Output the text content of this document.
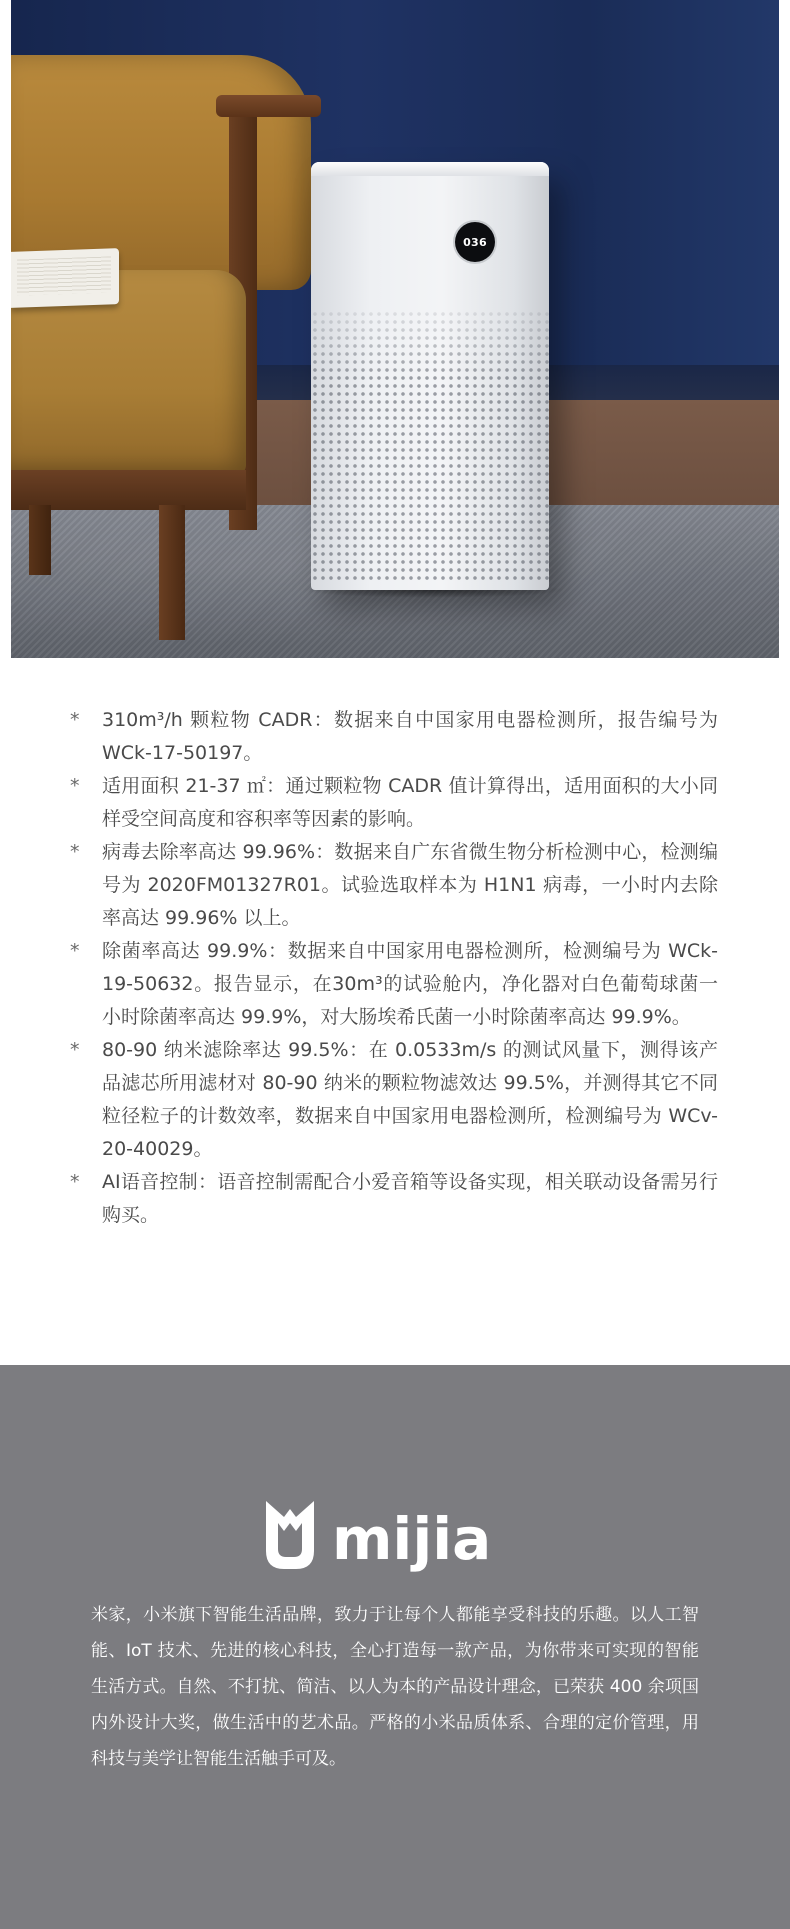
036
* 310m³/h 颗粒物 CADR：数据来自中国家用电器检测所，报告编号为 WCk-17-50197。
* 适用面积 21-37 ㎡：通过颗粒物 CADR 值计算得出，适用面积的大小同样受空间高度和容积率等因素的影响。
* 病毒去除率高达 99.96%：数据来自广东省微生物分析检测中心，检测编号为 2020FM01327R01。试验选取样本为 H1N1 病毒，一小时内去除率高达 99.96% 以上。
* 除菌率高达 99.9%：数据来自中国家用电器检测所，检测编号为 WCk-19-50632。报告显示，在30m³的试验舱内，净化器对白色葡萄球菌一小时除菌率高达 99.9%，对大肠埃希氏菌一小时除菌率高达 99.9%。
* 80-90 纳米滤除率达 99.5%：在 0.0533m/s 的测试风量下，测得该产品滤芯所用滤材对 80-90 纳米的颗粒物滤效达 99.5%，并测得其它不同粒径粒子的计数效率，数据来自中国家用电器检测所，检测编号为 WCv-20-40029。
* AI语音控制：语音控制需配合小爱音箱等设备实现，相关联动设备需另行购买。
mijia

米家，小米旗下智能生活品牌，致力于让每个人都能享受科技的乐趣。以人工智能、IoT 技术、先进的核心科技，全心打造每一款产品，为你带来可实现的智能生活方式。自然、不打扰、简洁、以人为本的产品设计理念，已荣获 400 余项国内外设计大奖，做生活中的艺术品。严格的小米品质体系、合理的定价管理，用科技与美学让智能生活触手可及。
